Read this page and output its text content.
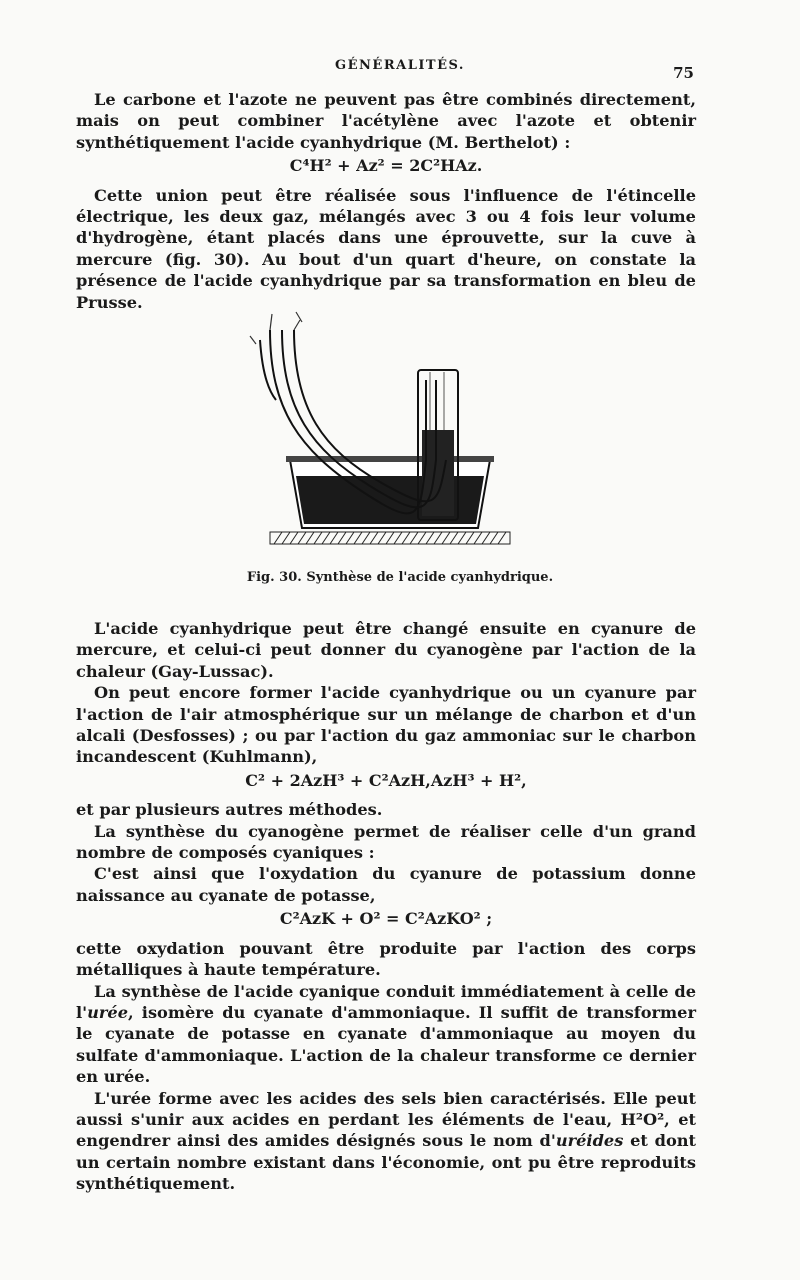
GÉNÉRALITÉS.	75

Le carbone et l'azote ne peuvent pas être combinés directement, mais on peut combiner l'acétylène avec l'azote et obtenir synthétiquement l'acide cyanhydrique (M. Berthelot) :

C⁴H² + Az² = 2C²HAz.

Cette union peut être réalisée sous l'influence de l'étincelle électrique, les deux gaz, mélangés avec 3 ou 4 fois leur volume d'hydrogène, étant placés dans une éprouvette, sur la cuve à mercure (fig. 30). Au bout d'un quart d'heure, on constate la présence de l'acide cyanhydrique par sa transformation en bleu de Prusse.

Fig. 30. Synthèse de l'acide cyanhydrique.

L'acide cyanhydrique peut être changé ensuite en cyanure de mercure, et celui-ci peut donner du cyanogène par l'action de la chaleur (Gay-Lussac).

On peut encore former l'acide cyanhydrique ou un cyanure par l'action de l'air atmosphérique sur un mélange de charbon et d'un alcali (Desfosses) ; ou par l'action du gaz ammoniac sur le charbon incandescent (Kuhlmann),

C² + 2AzH³ + C²AzH,AzH³ + H²,

et par plusieurs autres méthodes.

La synthèse du cyanogène permet de réaliser celle d'un grand nombre de composés cyaniques :

C'est ainsi que l'oxydation du cyanure de potassium donne naissance au cyanate de potasse,

C²AzK + O² = C²AzKO² ;

cette oxydation pouvant être produite par l'action des corps métalliques à haute température.

La synthèse de l'acide cyanique conduit immédiatement à celle de l'urée, isomère du cyanate d'ammoniaque. Il suffit de transformer le cyanate de potasse en cyanate d'ammoniaque au moyen du sulfate d'ammoniaque. L'action de la chaleur transforme ce dernier en urée.

L'urée forme avec les acides des sels bien caractérisés. Elle peut aussi s'unir aux acides en perdant les éléments de l'eau, H²O², et engendrer ainsi des amides désignés sous le nom d'uréides et dont un certain nombre existant dans l'économie, ont pu être reproduits synthétiquement.
